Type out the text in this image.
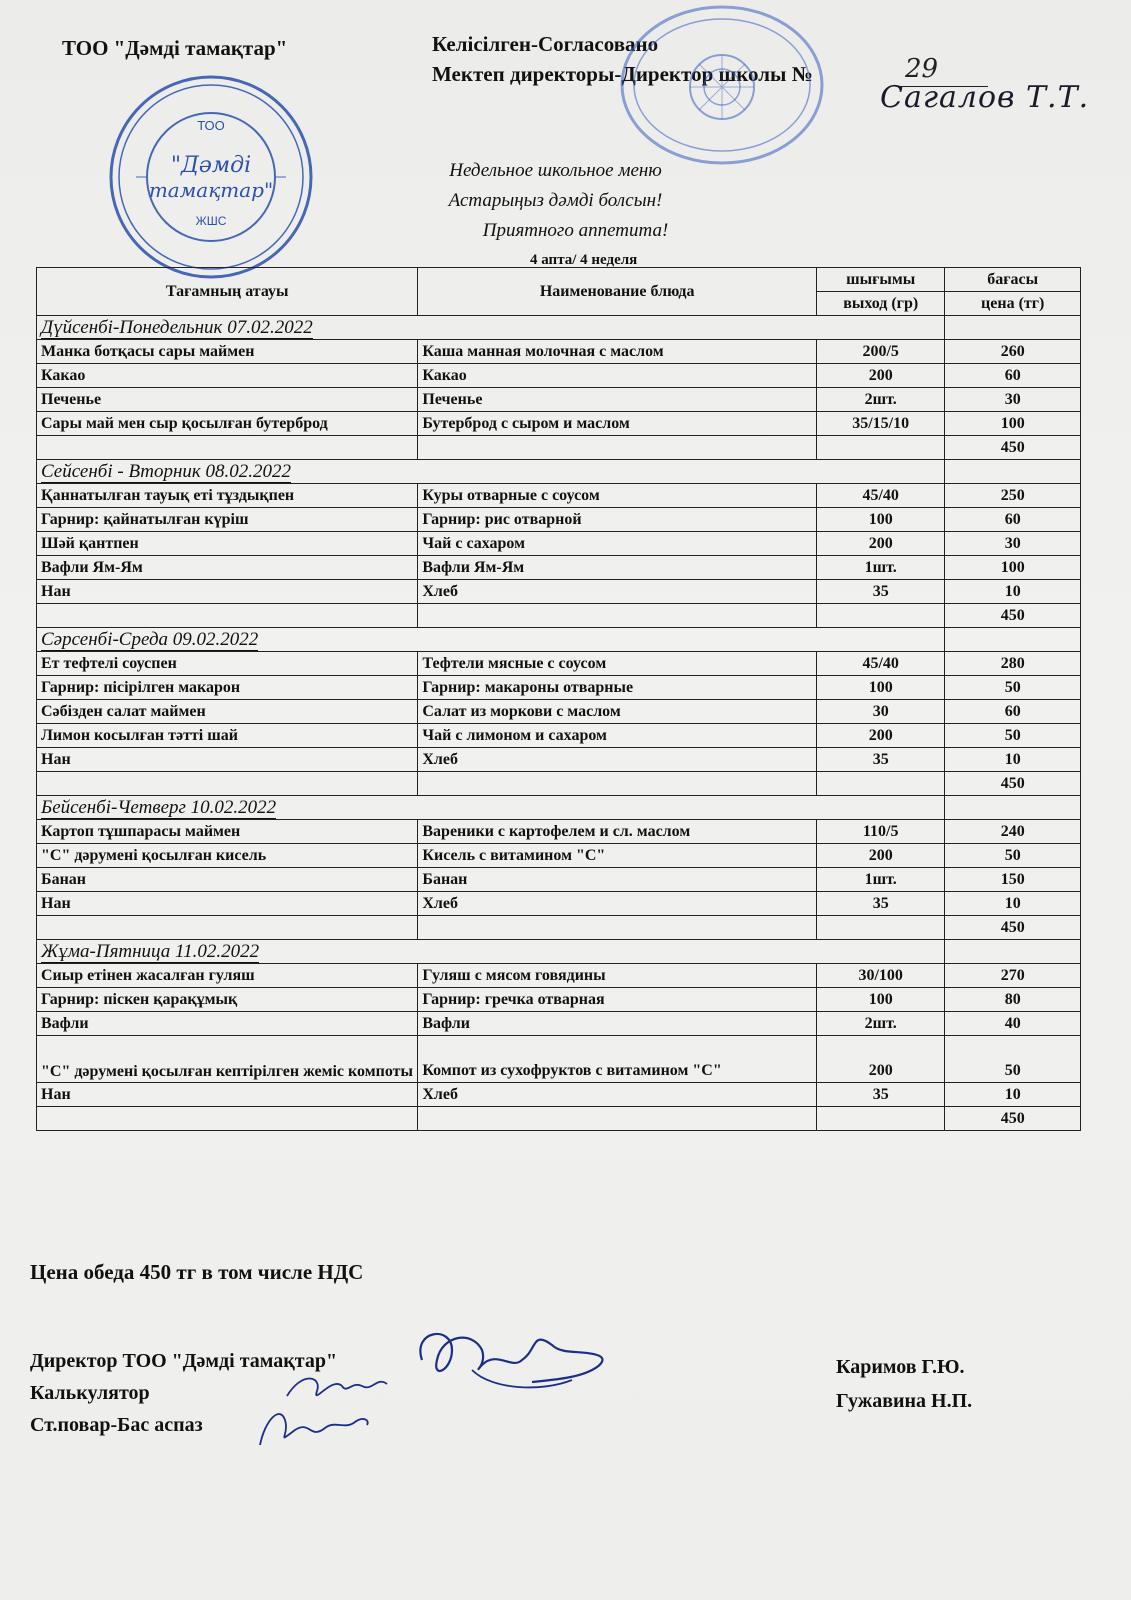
ТОО "Дәмді тамақтар"	Келісілген-Согласовано
Мектеп директоры-Директор школы №	29
Сагалов Т.Т.
ТОО
"Дәмді
тамақтар"
ЖШС
Недельное школьное меню
Астарыңыз дәмді болсын!
Приятного аппетита!
4 апта/ 4 неделя
Тағамның атауы	Наименование блюда	шығымы	бағасы
		выход (гр)	цена (тг)
Дүйсенбі-Понедельник 07.02.2022			
Манка ботқасы сары маймен	Каша манная молочная с маслом	200/5	260
Какао	Какао	200	60
Печенье	Печенье	2шт.	30
Сары май мен сыр қосылған бутерброд	Бутерброд с сыром и маслом	35/15/10	100
			450
Сейсенбі - Вторник 08.02.2022			
Қаннатылған тауық еті тұздықпен	Куры отварные с соусом	45/40	250
Гарнир: қайнатылған күріш	Гарнир: рис отварной	100	60
Шәй қантпен	Чай с сахаром	200	30
Вафли Ям-Ям	Вафли Ям-Ям	1шт.	100
Нан	Хлеб	35	10
			450
Сәрсенбі-Среда 09.02.2022			
Ет тефтелі соуспен	Тефтели мясные с соусом	45/40	280
Гарнир: пісірілген макарон	Гарнир: макароны отварные	100	50
Сәбізден салат маймен	Салат из моркови с маслом	30	60
Лимон косылған тәтті шай	Чай с лимоном и сахаром	200	50
Нан	Хлеб	35	10
			450
Бейсенбі-Четверг 10.02.2022			
Картоп тұшпарасы маймен	Вареники с картофелем и сл. маслом	110/5	240
"С" дәрумені қосылған кисель	Кисель с витамином "С"	200	50
Банан	Банан	1шт.	150
Нан	Хлеб	35	10
			450
Жұма-Пятница 11.02.2022			
Сиыр етінен жасалған гуляш	Гуляш с мясом говядины	30/100	270
Гарнир: піскен қарақұмық	Гарнир: гречка отварная	100	80
Вафли	Вафли	2шт.	40
"С" дәрумені қосылған кептірілген жеміс компоты	Компот из сухофруктов с витамином "С"	200	50
Нан	Хлеб	35	10
			450
Цена обеда 450 тг в том числе НДС
Директор ТОО "Дәмді тамақтар"
Калькулятор
Ст.повар-Бас аспаз
Каримов Г.Ю.
Гужавина Н.П.
